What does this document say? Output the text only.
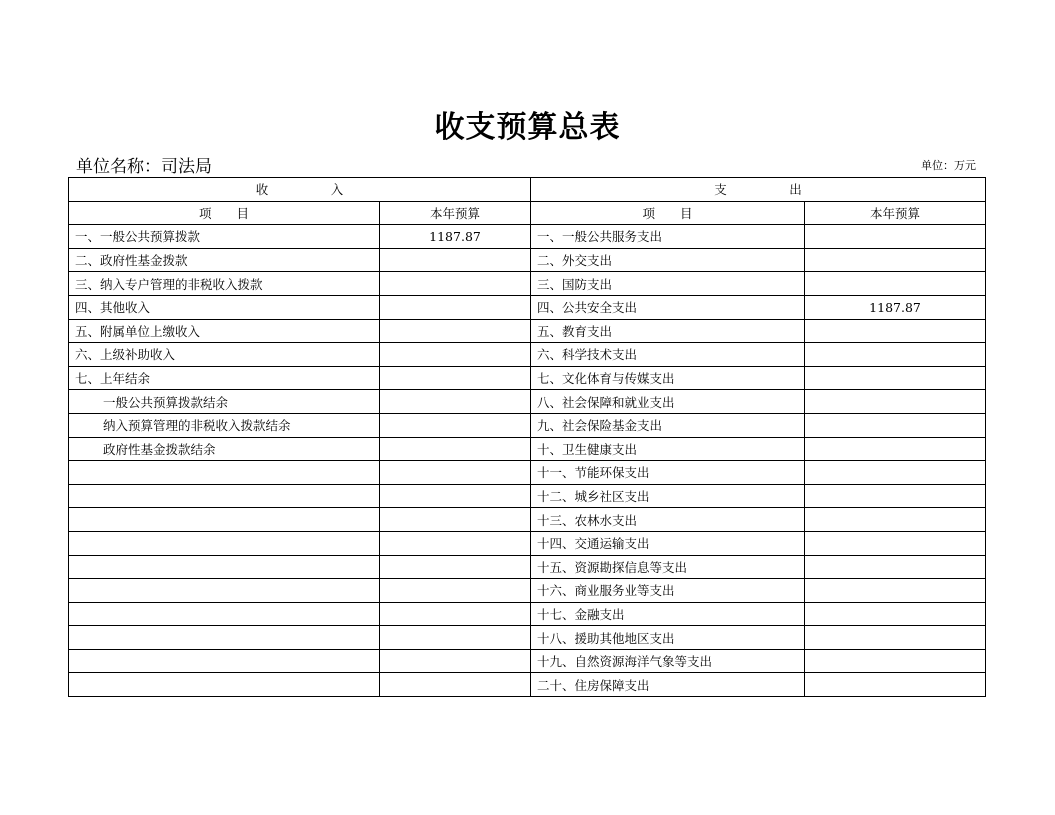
收支预算总表
单位名称：司法局	单位：万元
收　　　　　入		支　　　　　出	
项　　目	本年预算	项　　目	本年预算
一、一般公共预算拨款	1187.87	一、一般公共服务支出	
二、政府性基金拨款		二、外交支出	
三、纳入专户管理的非税收入拨款		三、国防支出	
四、其他收入		四、公共安全支出	1187.87
五、附属单位上缴收入		五、教育支出	
六、上级补助收入		六、科学技术支出	
七、上年结余		七、文化体育与传媒支出	
一般公共预算拨款结余		八、社会保障和就业支出	
纳入预算管理的非税收入拨款结余		九、社会保险基金支出	
政府性基金拨款结余		十、卫生健康支出	
		十一、节能环保支出	
		十二、城乡社区支出	
		十三、农林水支出	
		十四、交通运输支出	
		十五、资源勘探信息等支出	
		十六、商业服务业等支出	
		十七、金融支出	
		十八、援助其他地区支出	
		十九、自然资源海洋气象等支出	
		二十、住房保障支出	
